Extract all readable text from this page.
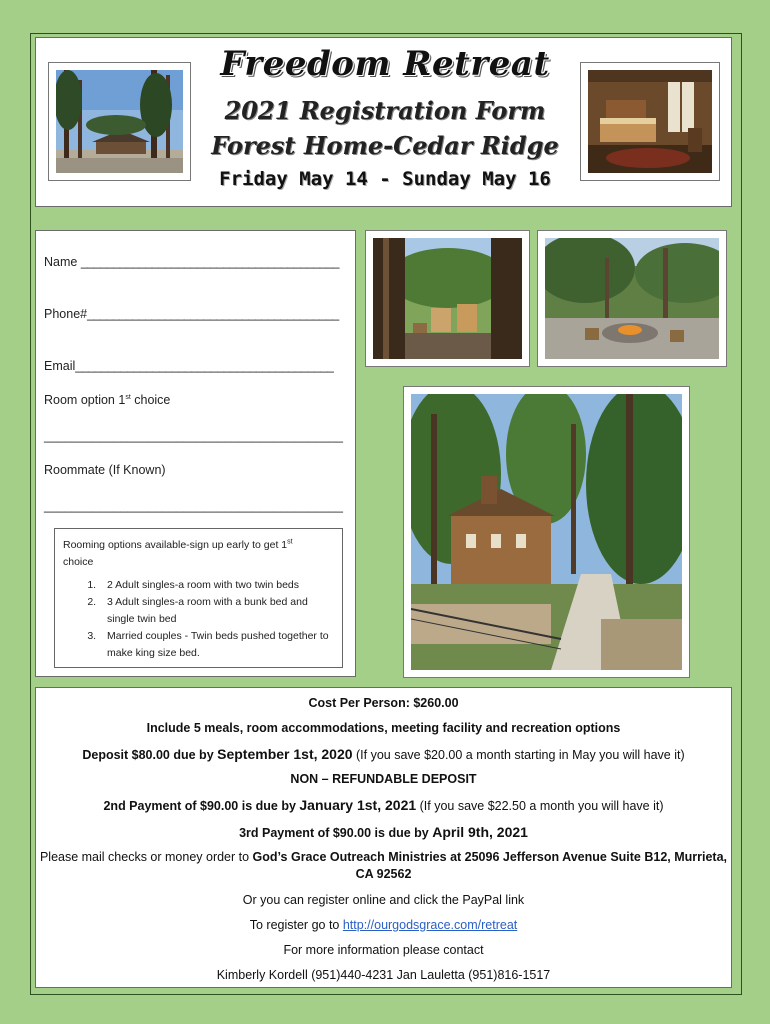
Freedom Retreat
2021 Registration Form
Forest Home-Cedar Ridge
Friday May 14 - Sunday May 16
Name ________________________________________
Phone#_______________________________________
Email________________________________________
Room option 1st choice
___________________________________________
Roommate (If Known)
___________________________________________
Rooming options available-sign up early to get 1st
choice
1. 2 Adult singles-a room with two twin beds
2. 3 Adult singles-a room with a bunk bed and single twin bed
3. Married couples - Twin beds pushed together to make king size bed.
Cost Per Person: $260.00
Include 5 meals, room accommodations, meeting facility and recreation options
Deposit $80.00 due by September 1st, 2020 (If you save $20.00 a month starting in May you will have it)
NON – REFUNDABLE DEPOSIT
2nd Payment of $90.00 is due by January 1st, 2021 (If you save $22.50 a month you will have it)
3rd Payment of $90.00 is due by April 9th, 2021
Please mail checks or money order to God’s Grace Outreach Ministries at 25096 Jefferson Avenue Suite B12, Murrieta,
CA 92562
Or you can register online and click the PayPal link
To register go to http://ourgodsgrace.com/retreat
For more information please contact
Kimberly Kordell (951)440-4231 Jan Lauletta (951)816-1517
